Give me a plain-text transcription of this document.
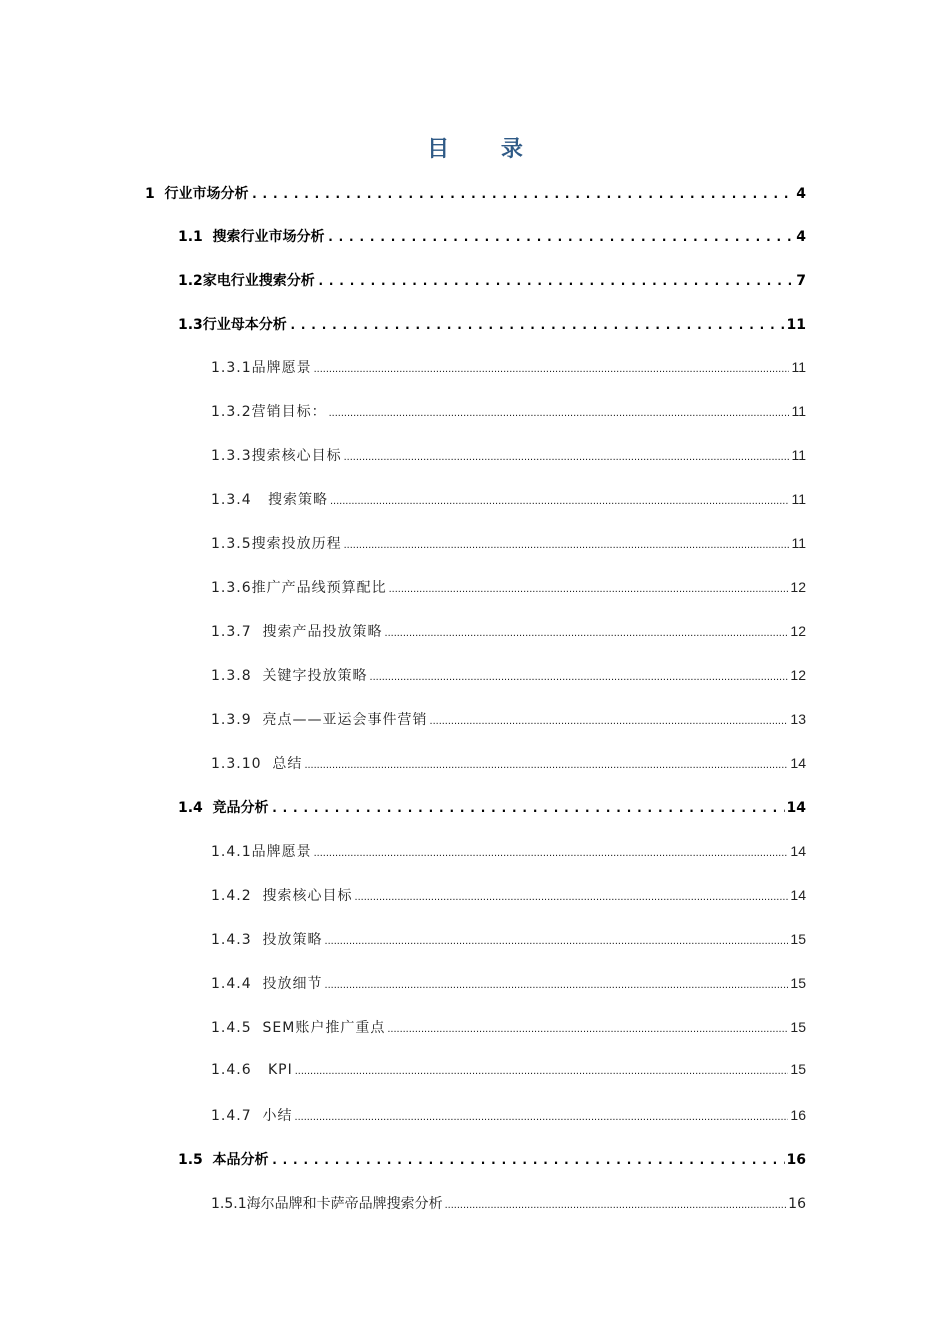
目 录
1  行业市场分析 .....	4
1.1  搜索行业市场分析 .....	4
1.2家电行业搜索分析 .....	7
1.3行业母本分析 .....	11
1.3.1品牌愿景 .....	11
1.3.2营销目标： .....	11
1.3.3搜索核心目标 .....	11
1.3.4   搜索策略 .....	11
1.3.5搜索投放历程 .....	11
1.3.6推广产品线预算配比 .....	12
1.3.7  搜索产品投放策略 .....	12
1.3.8  关键字投放策略 .....	12
1.3.9  亮点——亚运会事件营销 .....	13
1.3.10  总结 .....	14
1.4  竞品分析 .....	14
1.4.1品牌愿景 .....	14
1.4.2  搜索核心目标 .....	14
1.4.3  投放策略 .....	15
1.4.4  投放细节 .....	15
1.4.5  SEM账户推广重点 .....	15
1.4.6   KPI .....	15
1.4.7  小结 .....	16
1.5  本品分析 .....	16
1.5.1海尔品牌和卡萨帝品牌搜索分析 .....	16
